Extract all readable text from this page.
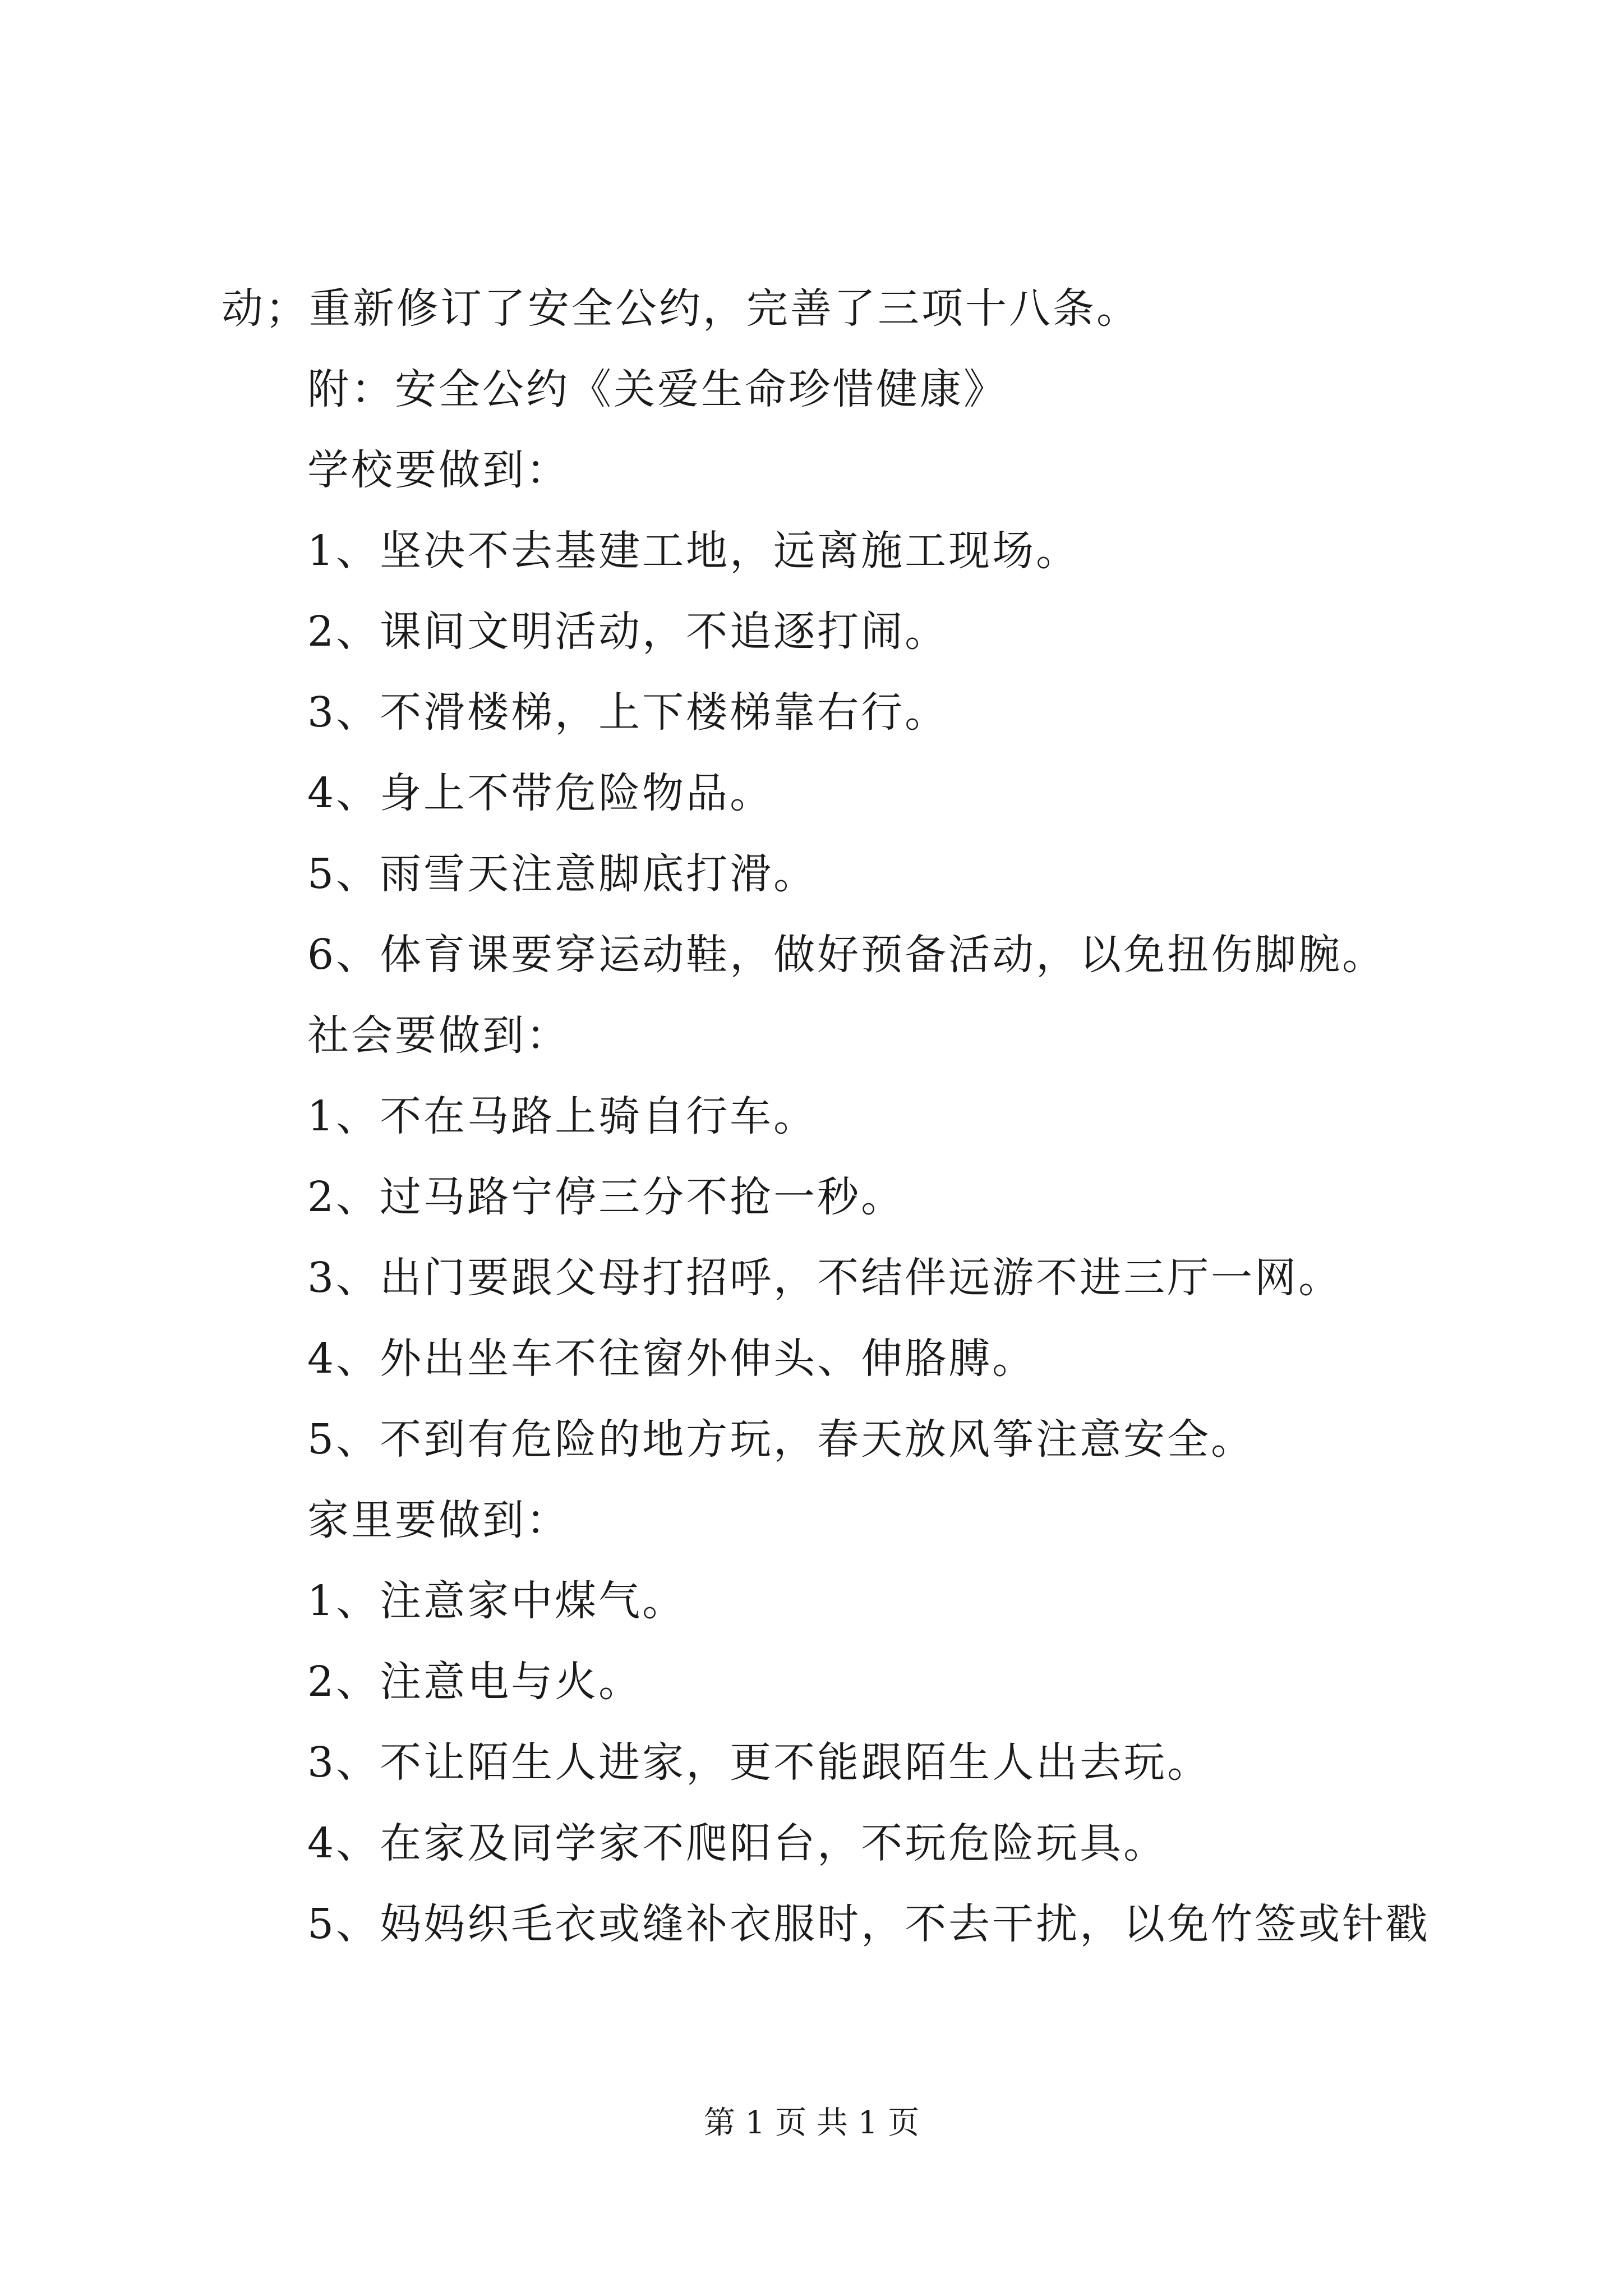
动；重新修订了安全公约，完善了三项十八条。
附：安全公约《关爱生命珍惜健康》
学校要做到：
1、坚决不去基建工地，远离施工现场。
2、课间文明活动，不追逐打闹。
3、不滑楼梯，上下楼梯靠右行。
4、身上不带危险物品。
5、雨雪天注意脚底打滑。
6、体育课要穿运动鞋，做好预备活动，以免扭伤脚腕。
社会要做到：
1、不在马路上骑自行车。
2、过马路宁停三分不抢一秒。
3、出门要跟父母打招呼，不结伴远游不进三厅一网。
4、外出坐车不往窗外伸头、伸胳膊。
5、不到有危险的地方玩，春天放风筝注意安全。
家里要做到：
1、注意家中煤气。
2、注意电与火。
3、不让陌生人进家，更不能跟陌生人出去玩。
4、在家及同学家不爬阳台，不玩危险玩具。
5、妈妈织毛衣或缝补衣服时，不去干扰，以免竹签或针戳
第 1 页 共 1 页
